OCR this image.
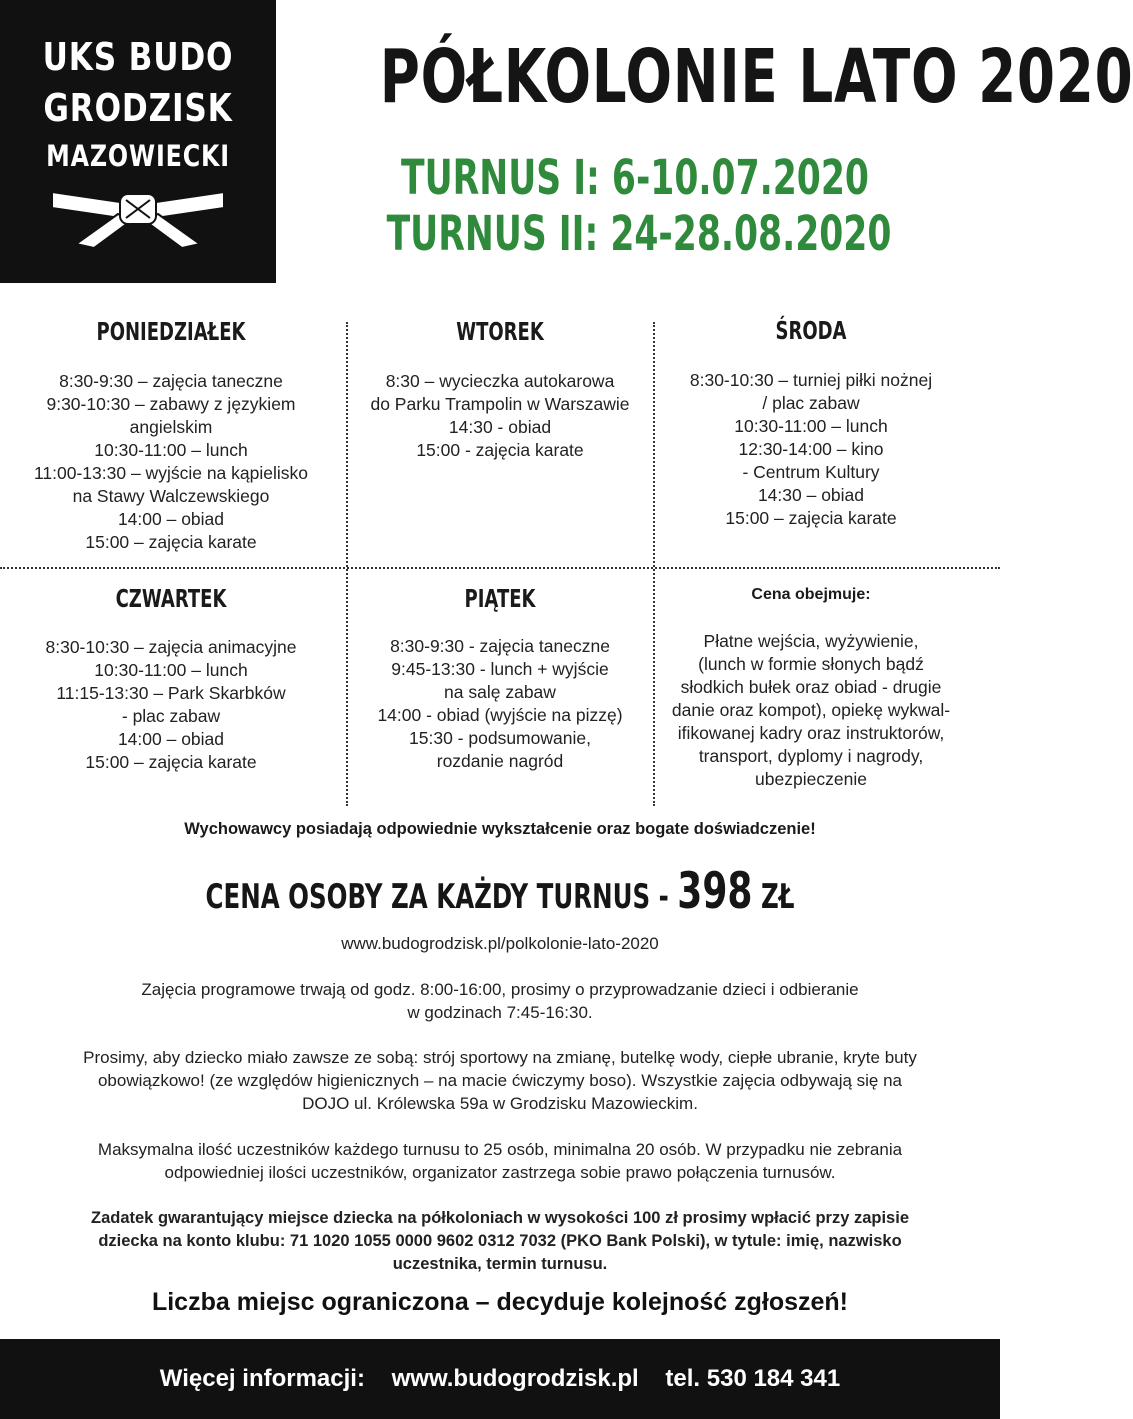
UKS BUDO
GRODZISK
MAZOWIECKI
PÓŁKOLONIE LATO 2020
TURNUS I: 6-10.07.2020
TURNUS II: 24-28.08.2020
PONIEDZIAŁEK
8:30-9:30 – zajęcia taneczne
9:30-10:30 – zabawy z językiem
angielskim
10:30-11:00 – lunch
11:00-13:30 – wyjście na kąpielisko
na Stawy Walczewskiego
14:00 – obiad
15:00 – zajęcia karate
WTOREK
8:30 – wycieczka autokarowa
do Parku Trampolin w Warszawie
14:30 - obiad
15:00 - zajęcia karate
ŚRODA
8:30-10:30 – turniej piłki nożnej
/ plac zabaw
10:30-11:00 – lunch
12:30-14:00 – kino
- Centrum Kultury
14:30 – obiad
15:00 – zajęcia karate
CZWARTEK
8:30-10:30 – zajęcia animacyjne
10:30-11:00 – lunch
11:15-13:30 – Park Skarbków
- plac zabaw
14:00 – obiad
15:00 – zajęcia karate
PIĄTEK
8:30-9:30 - zajęcia taneczne
9:45-13:30 - lunch + wyjście
na salę zabaw
14:00 - obiad (wyjście na pizzę)
15:30 - podsumowanie,
rozdanie nagród
Cena obejmuje:
Płatne wejścia, wyżywienie,
(lunch w formie słonych bądź
słodkich bułek oraz obiad - drugie
danie oraz kompot), opiekę wykwal-
ifikowanej kadry oraz instruktorów,
transport, dyplomy i nagrody,
ubezpieczenie
Wychowawcy posiadają odpowiednie wykształcenie oraz bogate doświadczenie!
CENA OSOBY ZA KAŻDY TURNUS - 398 ZŁ
www.budogrodzisk.pl/polkolonie-lato-2020
Zajęcia programowe trwają od godz. 8:00-16:00, prosimy o przyprowadzanie dzieci i odbieranie
w godzinach 7:45-16:30.
Prosimy, aby dziecko miało zawsze ze sobą: strój sportowy na zmianę, butelkę wody, ciepłe ubranie, kryte buty
obowiązkowo! (ze względów higienicznych – na macie ćwiczymy boso). Wszystkie zajęcia odbywają się na
DOJO ul. Królewska 59a w Grodzisku Mazowieckim.
Maksymalna ilość uczestników każdego turnusu to 25 osób, minimalna 20 osób. W przypadku nie zebrania
odpowiedniej ilości uczestników, organizator zastrzega sobie prawo połączenia turnusów.
Zadatek gwarantujący miejsce dziecka na półkoloniach w wysokości 100 zł prosimy wpłacić przy zapisie
dziecka na konto klubu: 71 1020 1055 0000 9602 0312 7032 (PKO Bank Polski), w tytule: imię, nazwisko
uczestnika, termin turnusu.
Liczba miejsc ograniczona – decyduje kolejność zgłoszeń!
Więcej informacji: www.budogrodzisk.pl tel. 530 184 341
